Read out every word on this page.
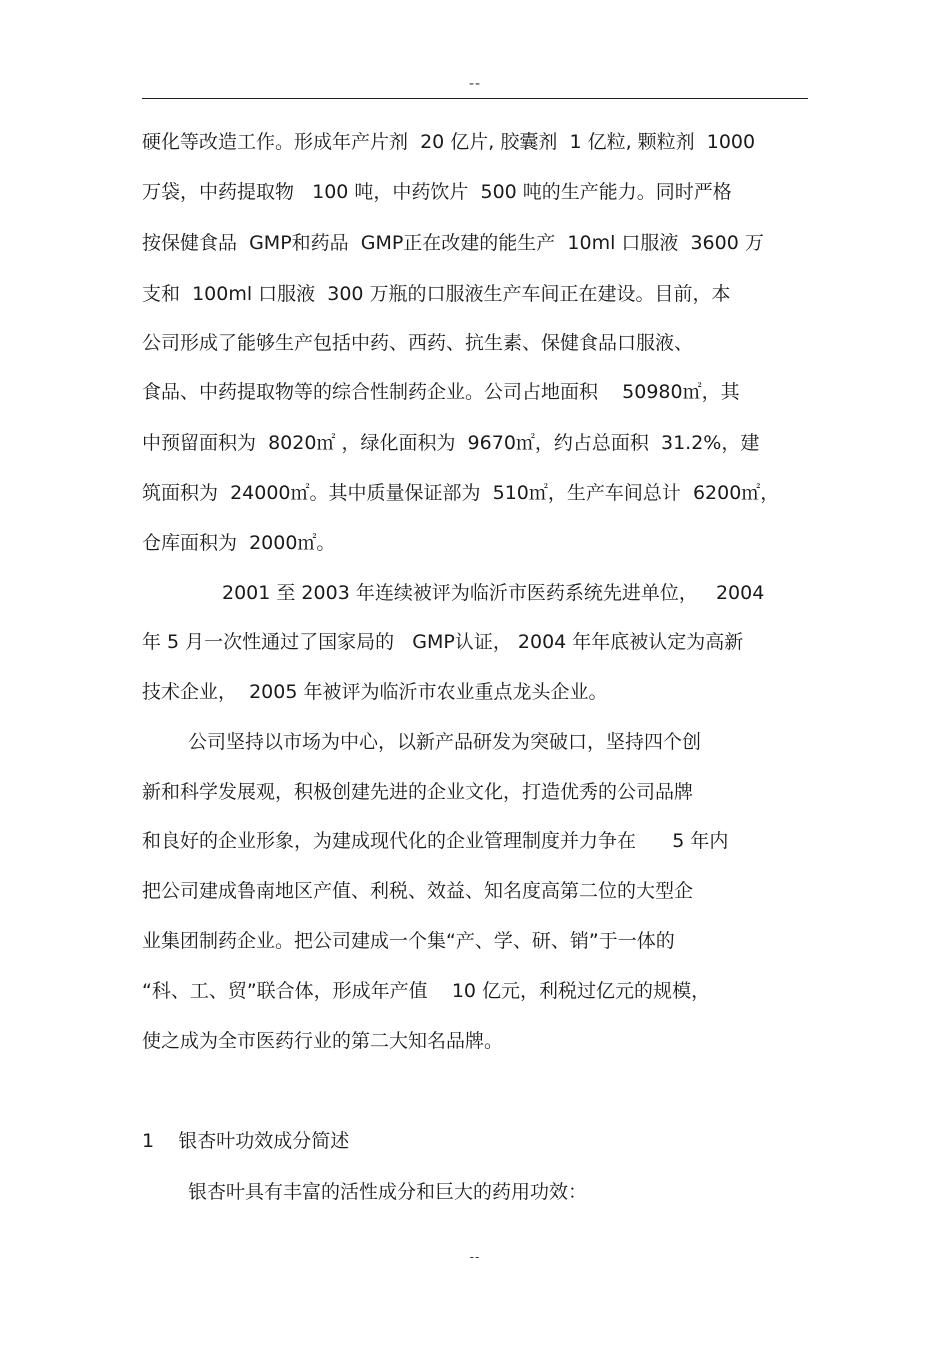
--
硬化等改造工作。形成年产片剂  20 亿片, 胶囊剂  1 亿粒, 颗粒剂  1000
万袋，中药提取物   100 吨，中药饮片  500 吨的生产能力。同时严格
按保健食品  GMP和药品  GMP正在改建的能生产  10ml 口服液  3600 万
支和  100ml 口服液  300 万瓶的口服液生产车间正在建设。目前，本
公司形成了能够生产包括中药、西药、抗生素、保健食品口服液、
食品、中药提取物等的综合性制药企业。公司占地面积    50980㎡，其
中预留面积为  8020㎡ ，绿化面积为  9670㎡，约占总面积  31.2%，建
筑面积为  24000㎡。其中质量保证部为  510㎡，生产车间总计  6200㎡，
仓库面积为  2000㎡。
2001 至 2003 年连续被评为临沂市医药系统先进单位，   2004
年 5 月一次性通过了国家局的   GMP认证， 2004 年年底被认定为高新
技术企业，  2005 年被评为临沂市农业重点龙头企业。
公司坚持以市场为中心，以新产品研发为突破口，坚持四个创
新和科学发展观，积极创建先进的企业文化，打造优秀的公司品牌
和良好的企业形象，为建成现代化的企业管理制度并力争在      5 年内
把公司建成鲁南地区产值、利税、效益、知名度高第二位的大型企
业集团制药企业。把公司建成一个集“产、学、研、销”于一体的
“科、工、贸”联合体，形成年产值    10 亿元，利税过亿元的规模，
使之成为全市医药行业的第二大知名品牌。
1    银杏叶功效成分简述
银杏叶具有丰富的活性成分和巨大的药用功效：
--
